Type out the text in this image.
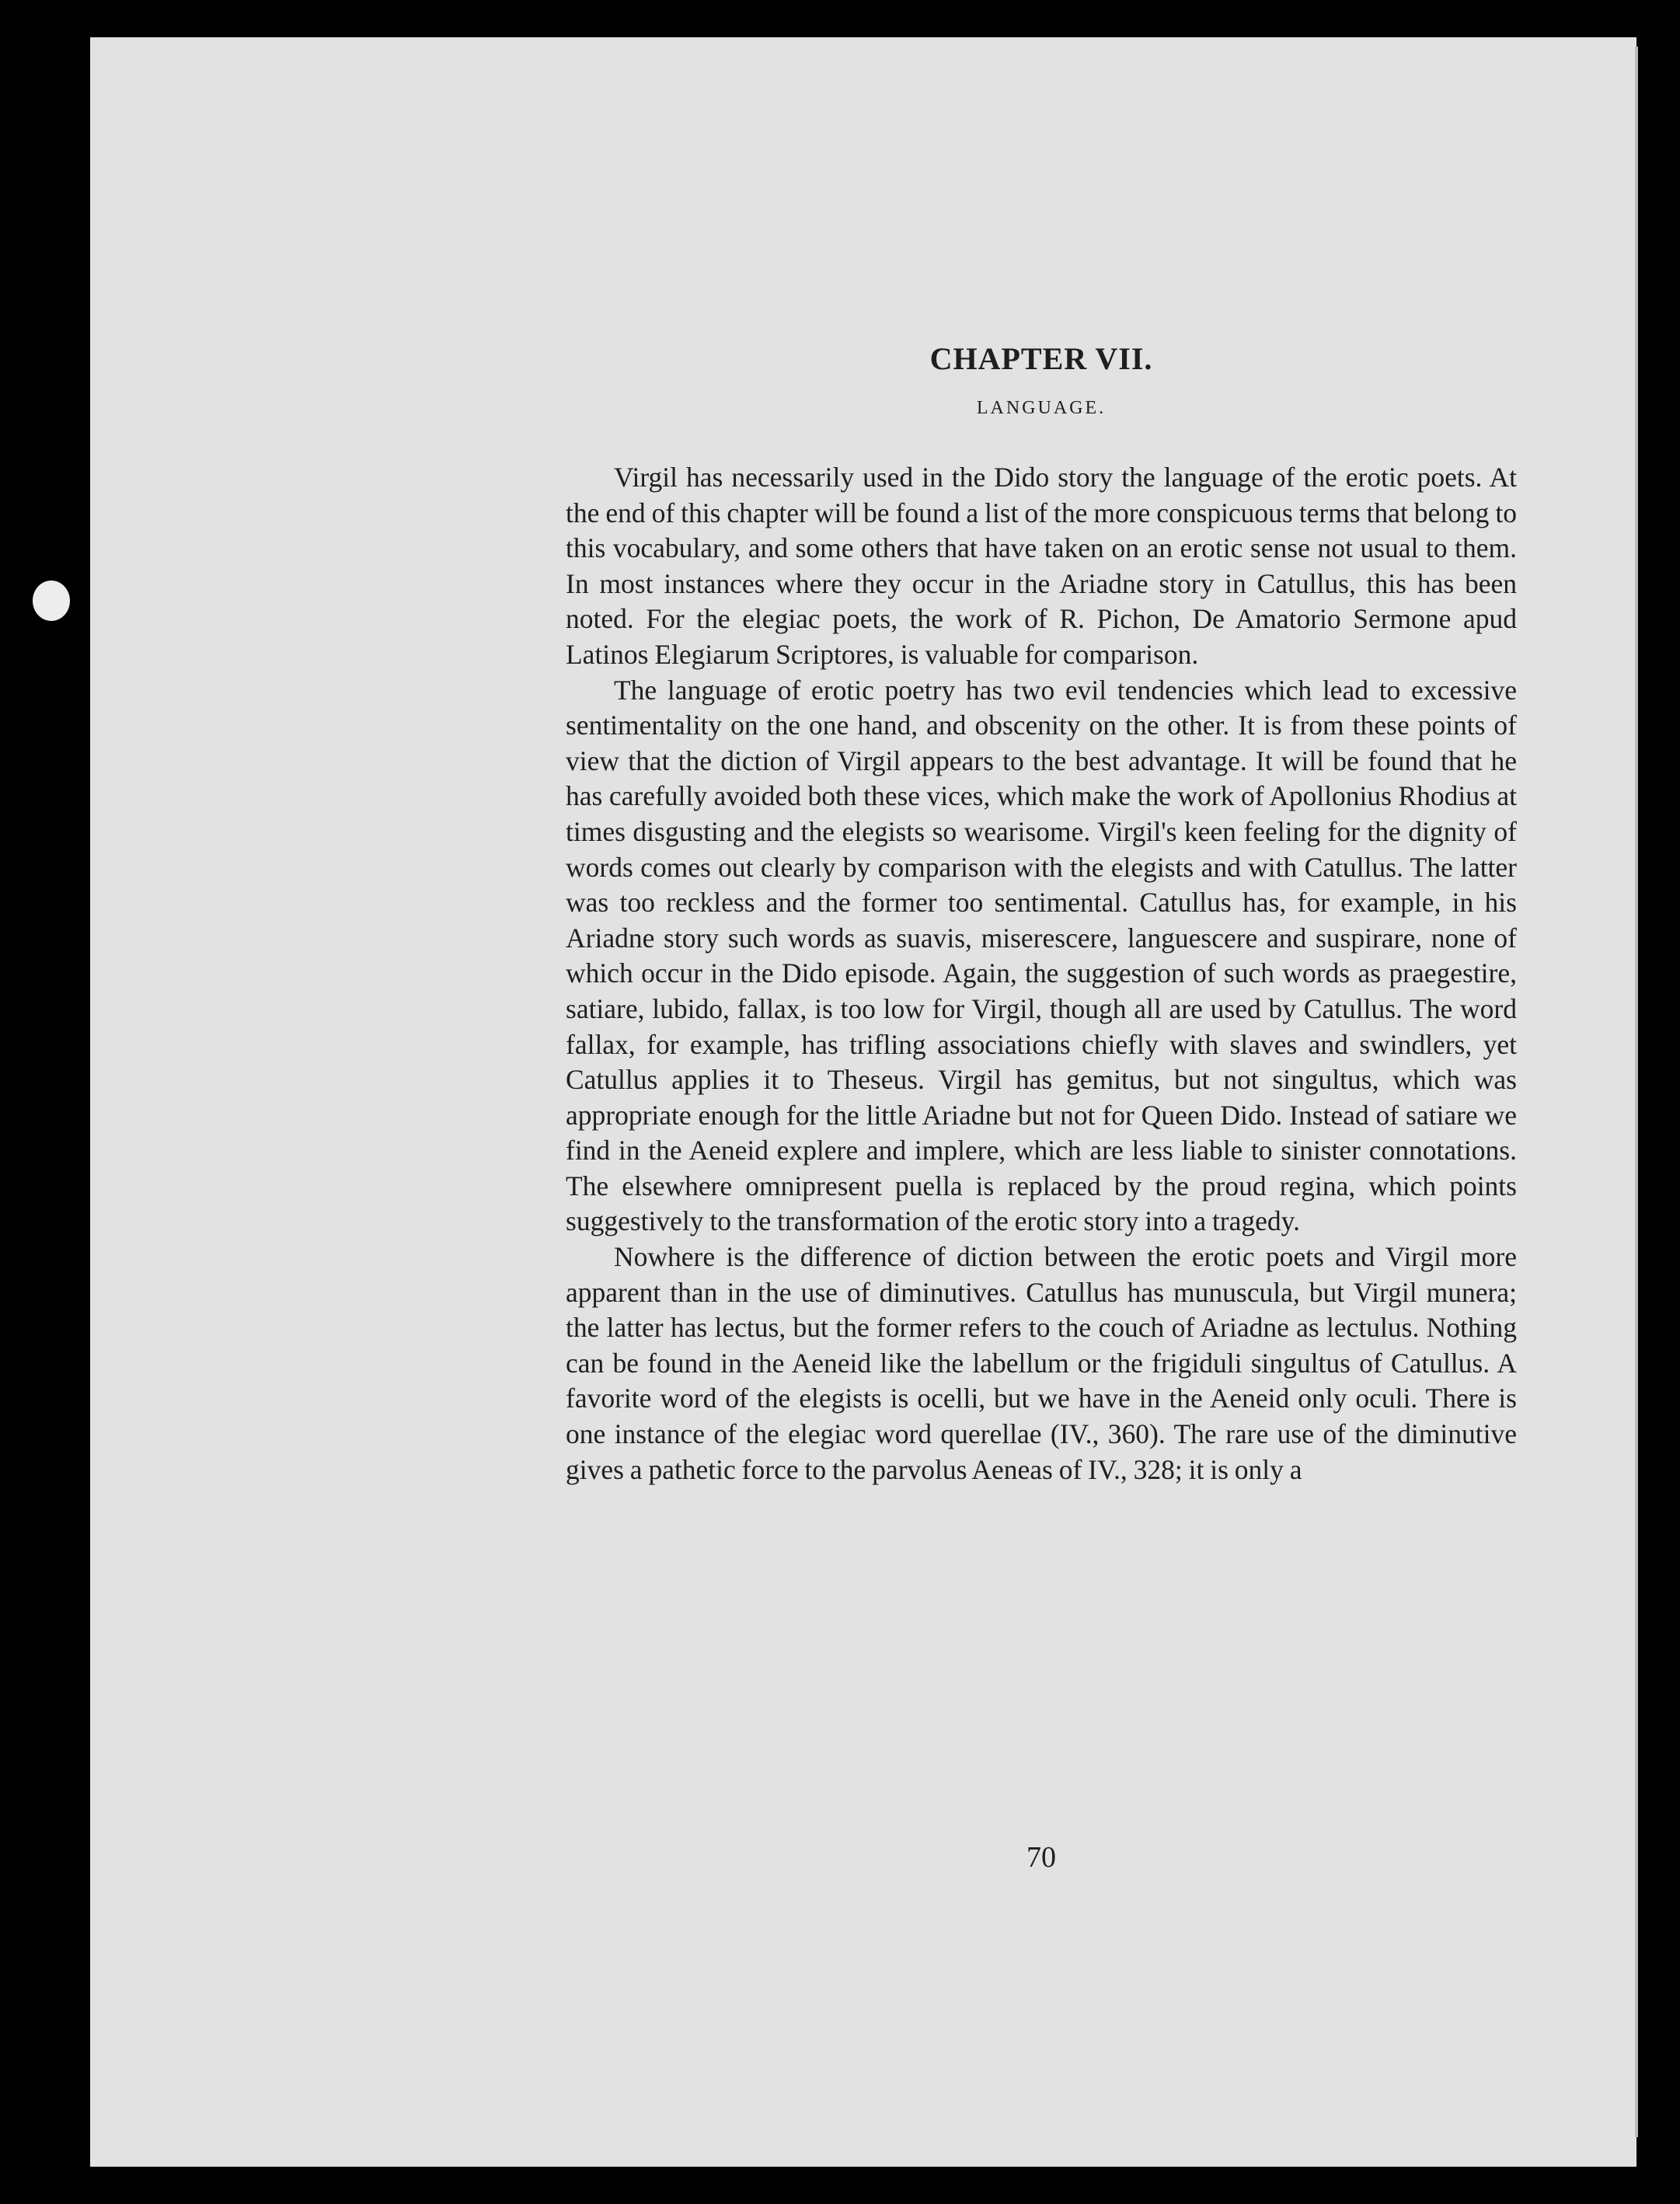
CHAPTER VII.
LANGUAGE.

Virgil has necessarily used in the Dido story the language of the erotic poets. At the end of this chapter will be found a list of the more conspicuous terms that belong to this vocabulary, and some others that have taken on an erotic sense not usual to them. In most instances where they occur in the Ariadne story in Catullus, this has been noted. For the elegiac poets, the work of R. Pichon, De Amatorio Sermone apud Latinos Elegiarum Scriptores, is valuable for comparison.

The language of erotic poetry has two evil tendencies which lead to excessive sentimentality on the one hand, and obscenity on the other. It is from these points of view that the diction of Virgil appears to the best advantage. It will be found that he has carefully avoided both these vices, which make the work of Apollonius Rhodius at times disgusting and the elegists so wearisome. Virgil's keen feeling for the dignity of words comes out clearly by comparison with the elegists and with Catullus. The latter was too reckless and the former too sentimental. Catullus has, for example, in his Ariadne story such words as suavis, miserescere, languescere and suspirare, none of which occur in the Dido episode. Again, the suggestion of such words as praegestire, satiare, lubido, fallax, is too low for Virgil, though all are used by Catullus. The word fallax, for example, has trifling associations chiefly with slaves and swindlers, yet Catullus applies it to Theseus. Virgil has gemitus, but not singultus, which was appropriate enough for the little Ariadne but not for Queen Dido. Instead of satiare we find in the Aeneid explere and implere, which are less liable to sinister connotations. The elsewhere omnipresent puella is replaced by the proud regina, which points suggestively to the transformation of the erotic story into a tragedy.

Nowhere is the difference of diction between the erotic poets and Virgil more apparent than in the use of diminutives. Catullus has munuscula, but Virgil munera; the latter has lectus, but the former refers to the couch of Ariadne as lectulus. Nothing can be found in the Aeneid like the labellum or the frigiduli singultus of Catullus. A favorite word of the elegists is ocelli, but we have in the Aeneid only oculi. There is one instance of the elegiac word querellae (IV., 360). The rare use of the diminutive gives a pathetic force to the parvolus Aeneas of IV., 328; it is only a

70
